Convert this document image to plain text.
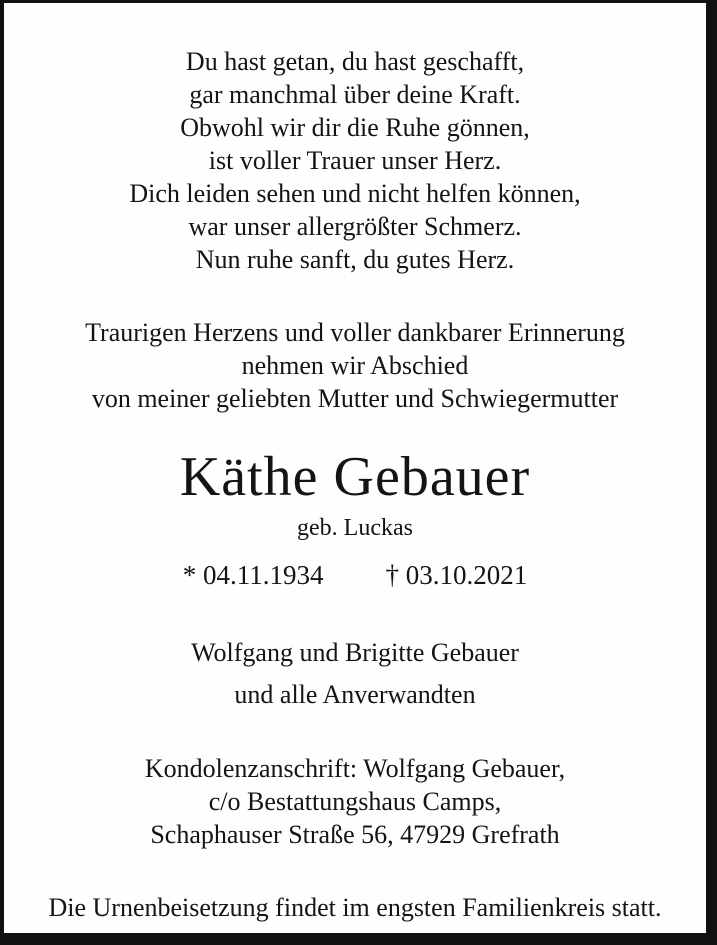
Du hast getan, du hast geschafft,
gar manchmal über deine Kraft.
Obwohl wir dir die Ruhe gönnen,
ist voller Trauer unser Herz.
Dich leiden sehen und nicht helfen können,
war unser allergrößter Schmerz.
Nun ruhe sanft, du gutes Herz.
Traurigen Herzens und voller dankbarer Erinnerung
nehmen wir Abschied
von meiner geliebten Mutter und Schwiegermutter
Käthe Gebauer
geb. Luckas
* 04.11.1934 † 03.10.2021
Wolfgang und Brigitte Gebauer
und alle Anverwandten
Kondolenzanschrift: Wolfgang Gebauer,
c/o Bestattungshaus Camps,
Schaphauser Straße 56, 47929 Grefrath
Die Urnenbeisetzung findet im engsten Familienkreis statt.
